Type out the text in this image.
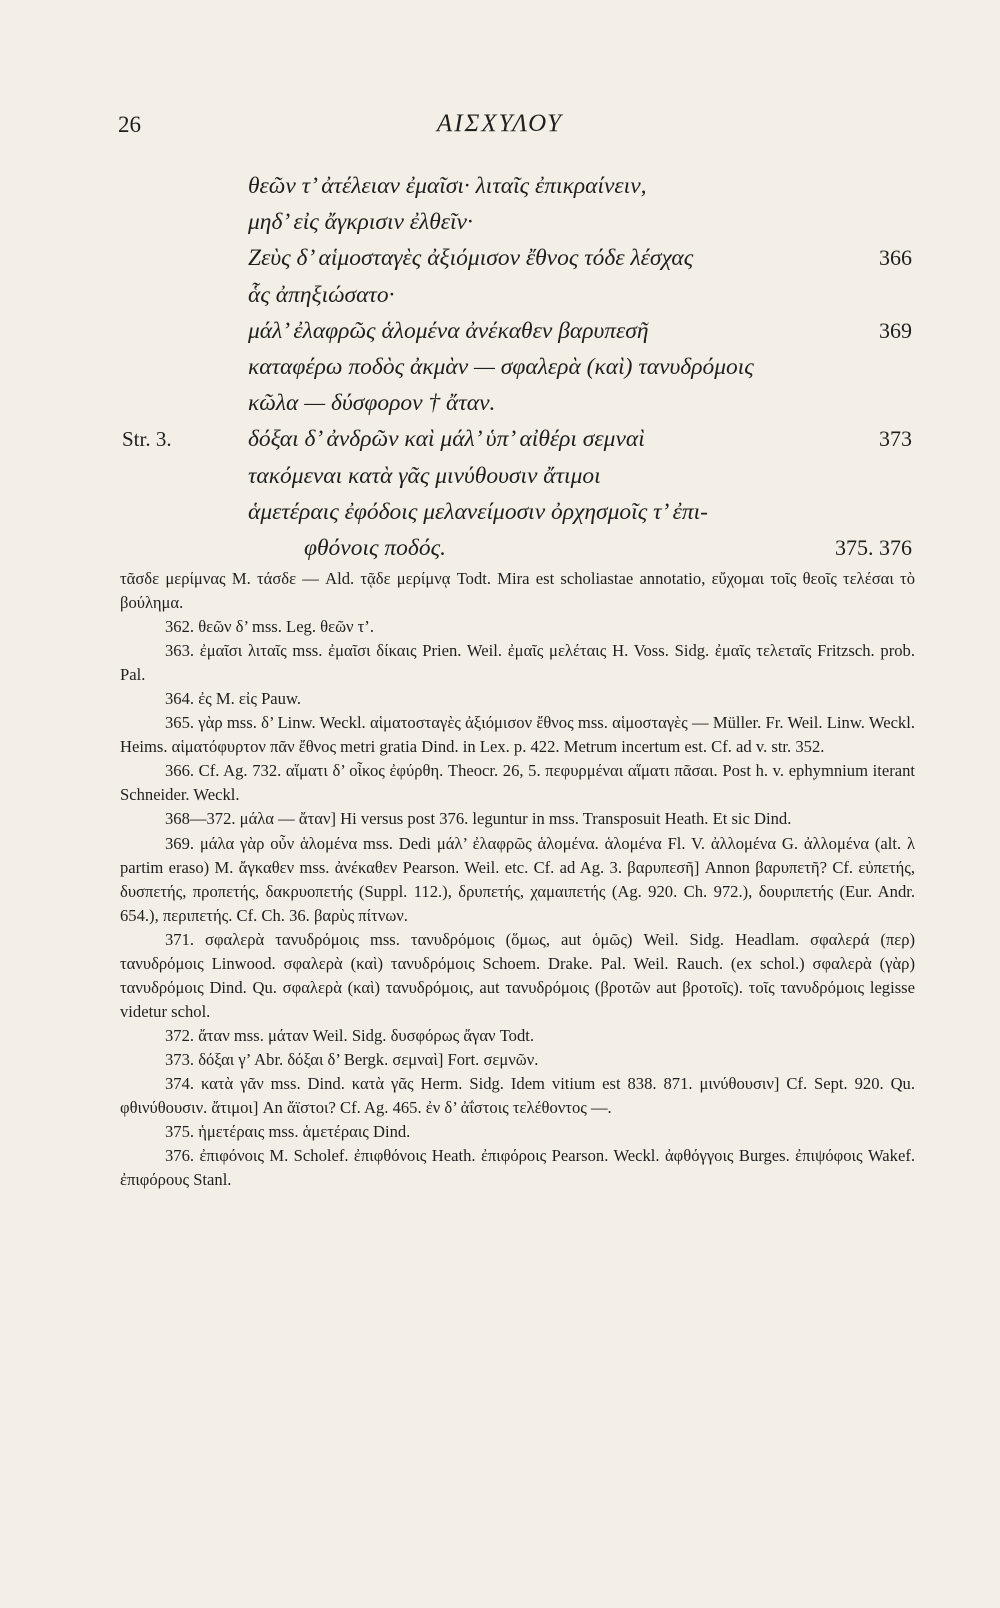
26	ΑΙΣΧΥΛΟΥ
θεῶν τ’ ἀτέλειαν ἐμαῖσι· λιταῖς ἐπικραίνειν,
μηδ’ εἰς ἄγκρισιν ἐλθεῖν·
Ζεὺς δ’ αἱμοσταγὲς ἀξιόμισον ἔθνος τόδε λέσχας	366
ἇς ἀπηξιώσατο·
μάλ’ ἐλαφρῶς ἁλομένα ἀνέκαθεν βαρυπεσῆ	369
καταφέρω ποδὸς ἀκμὰν — σφαλερὰ (καὶ) τανυδρόμοις
κῶλα — δύσφορον † ἄταν.
Str. 3.	δόξαι δ’ ἀνδρῶν καὶ μάλ’ ὑπ’ αἰθέρι σεμναὶ	373
τακόμεναι κατὰ γᾶς μινύθουσιν ἄτιμοι
ἁμετέραις ἐφόδοις μελανείμοσιν ὀρχησμοῖς τ’ ἐπι-
φθόνοις ποδός.	375. 376

τᾶσδε μερίμνας M. τάσδε — Ald. τᾷδε μερίμνᾳ Todt. Mira est scholiastae annotatio, εὔχομαι τοῖς θεοῖς τελέσαι τὸ βούλημα.

362. θεῶν δ’ mss. Leg. θεῶν τ’.

363. ἐμαῖσι λιταῖς mss. ἐμαῖσι δίκαις Prien. Weil. ἐμαῖς μελέταις H. Voss. Sidg. ἐμαῖς τελεταῖς Fritzsch. prob. Pal.

364. ἐς M. εἰς Pauw.

365. γὰρ mss. δ’ Linw. Weckl. αἱματοσταγὲς ἀξιόμισον ἔθνος mss. αἱμοσταγὲς — Müller. Fr. Weil. Linw. Weckl. Heims. αἱματόφυρτον πᾶν ἔθνος metri gratia Dind. in Lex. p. 422. Metrum incertum est. Cf. ad v. str. 352.

366. Cf. Ag. 732. αἵματι δ’ οἶκος ἐφύρθη. Theocr. 26, 5. πεφυρμέναι αἵματι πᾶσαι. Post h. v. ephymnium iterant Schneider. Weckl.

368—372. μάλα — ἄταν] Hi versus post 376. leguntur in mss. Transposuit Heath. Et sic Dind.

369. μάλα γὰρ οὖν ἁλομένα mss. Dedi μάλ’ ἐλαφρῶς ἁλομένα. ἁλομένα Fl. V. ἀλλομένα G. ἀλλομένα (alt. λ partim eraso) M. ἄγκαθεν mss. ἀνέκαθεν Pearson. Weil. etc. Cf. ad Ag. 3. βαρυπεσῆ] Annon βαρυπετῆ? Cf. εὐπετής, δυσπετής, προπετής, δακρυοπετής (Suppl. 112.), δρυπετής, χαμαιπετής (Ag. 920. Ch. 972.), δουριπετής (Eur. Andr. 654.), περιπετής. Cf. Ch. 36. βαρὺς πίτνων.

371. σφαλερὰ τανυδρόμοις mss. τανυδρόμοις (ὅμως, aut ὁμῶς) Weil. Sidg. Headlam. σφαλερά (περ) τανυδρόμοις Linwood. σφαλερὰ (καὶ) τανυδρόμοις Schoem. Drake. Pal. Weil. Rauch. (ex schol.) σφαλερὰ (γὰρ) τανυδρόμοις Dind. Qu. σφαλερὰ (καὶ) τανυδρόμοις, aut τανυδρόμοις (βροτῶν aut βροτοῖς). τοῖς τανυδρόμοις legisse videtur schol.

372. ἄταν mss. μάταν Weil. Sidg. δυσφόρως ἄγαν Todt.

373. δόξαι γ’ Abr. δόξαι δ’ Bergk. σεμναὶ] Fort. σεμνῶν.

374. κατὰ γᾶν mss. Dind. κατὰ γᾶς Herm. Sidg. Idem vitium est 838. 871. μινύθουσιν] Cf. Sept. 920. Qu. φθινύθουσιν. ἄτιμοι] An ἄϊστοι? Cf. Ag. 465. ἐν δ’ ἀΐστοις τελέθοντος —.

375. ἡμετέραις mss. ἁμετέραις Dind.

376. ἐπιφόνοις M. Scholef. ἐπιφθόνοις Heath. ἐπιφόροις Pearson. Weckl. ἀφθόγγοις Burges. ἐπιψόφοις Wakef. ἐπιφόρους Stanl.
